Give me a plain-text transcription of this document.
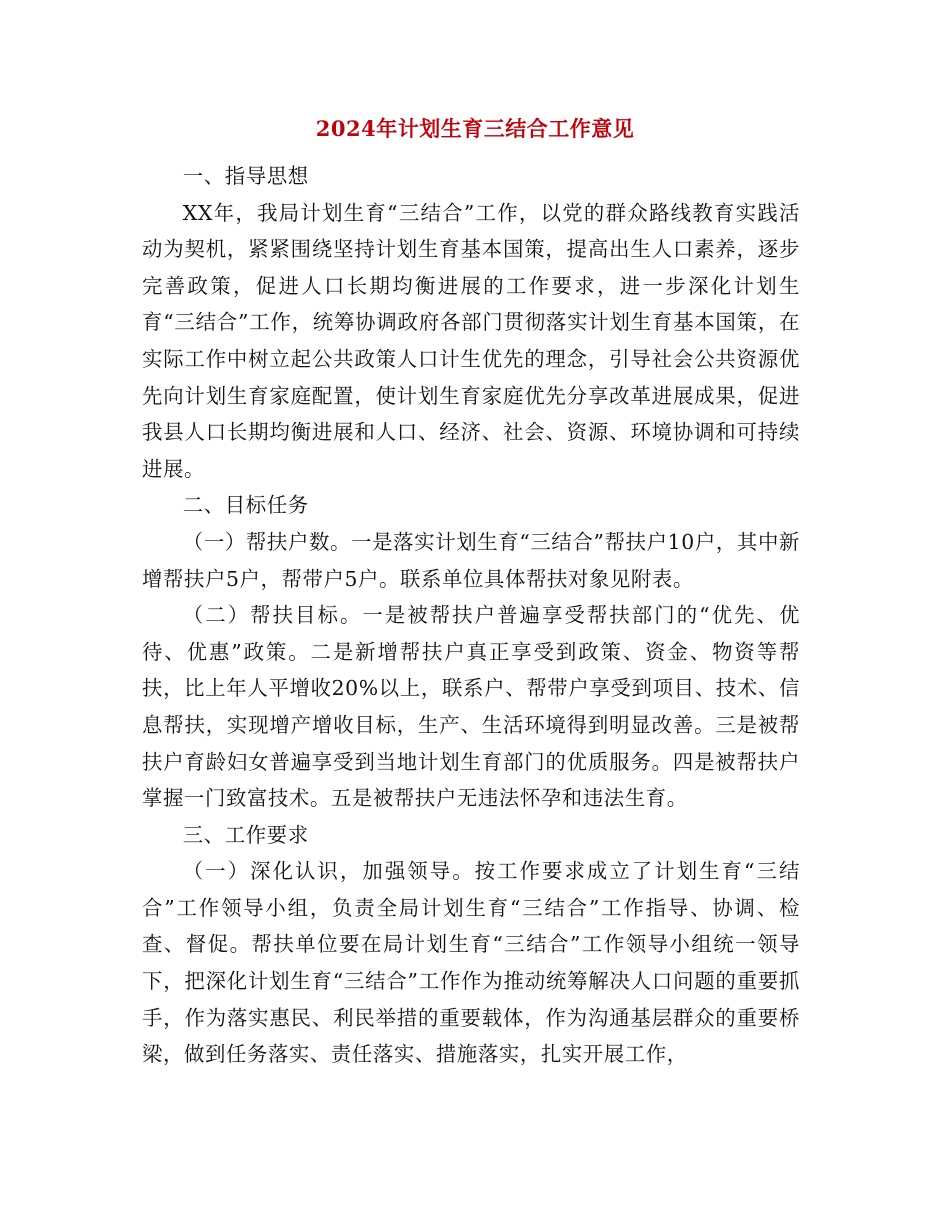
2024年计划生育三结合工作意见

一、指导思想

XX年，我局计划生育“三结合”工作，以党的群众路线教育实践活动为契机，紧紧围绕坚持计划生育基本国策，提高出生人口素养，逐步完善政策，促进人口长期均衡进展的工作要求，进一步深化计划生育“三结合”工作，统筹协调政府各部门贯彻落实计划生育基本国策，在实际工作中树立起公共政策人口计生优先的理念，引导社会公共资源优先向计划生育家庭配置，使计划生育家庭优先分享改革进展成果，促进我县人口长期均衡进展和人口、经济、社会、资源、环境协调和可持续进展。

二、目标任务

（一）帮扶户数。一是落实计划生育“三结合”帮扶户10户，其中新增帮扶户5户，帮带户5户。联系单位具体帮扶对象见附表。

（二）帮扶目标。一是被帮扶户普遍享受帮扶部门的“优先、优待、优惠”政策。二是新增帮扶户真正享受到政策、资金、物资等帮扶，比上年人平增收20%以上，联系户、帮带户享受到项目、技术、信息帮扶，实现增产增收目标，生产、生活环境得到明显改善。三是被帮扶户育龄妇女普遍享受到当地计划生育部门的优质服务。四是被帮扶户掌握一门致富技术。五是被帮扶户无违法怀孕和违法生育。

三、工作要求

（一）深化认识，加强领导。按工作要求成立了计划生育“三结合”工作领导小组，负责全局计划生育“三结合”工作指导、协调、检查、督促。帮扶单位要在局计划生育“三结合”工作领导小组统一领导下，把深化计划生育“三结合”工作作为推动统筹解决人口问题的重要抓手，作为落实惠民、利民举措的重要载体，作为沟通基层群众的重要桥梁，做到任务落实、责任落实、措施落实，扎实开展工作，
